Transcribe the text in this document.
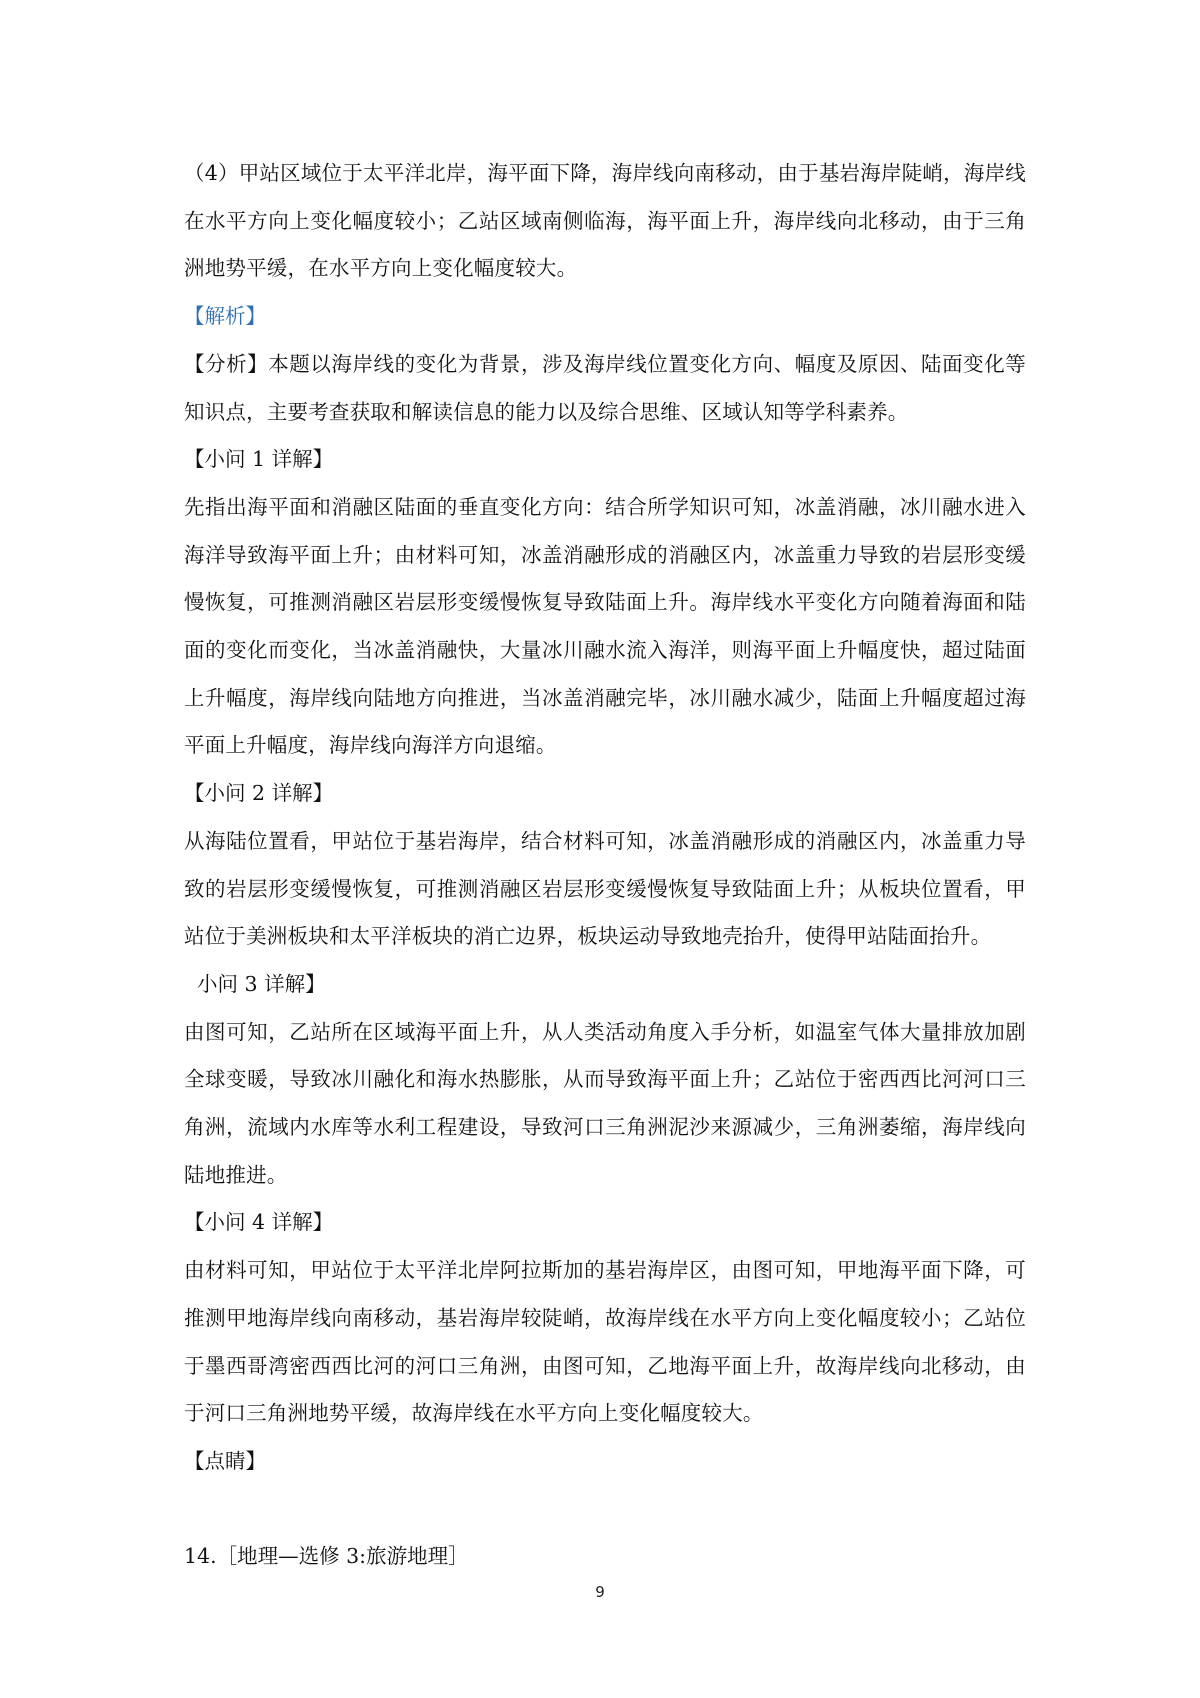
（4）甲站区域位于太平洋北岸，海平面下降，海岸线向南移动，由于基岩海岸陡峭，海岸线在水平方向上变化幅度较小；乙站区域南侧临海，海平面上升，海岸线向北移动，由于三角洲地势平缓，在水平方向上变化幅度较大。

【解析】

【分析】本题以海岸线的变化为背景，涉及海岸线位置变化方向、幅度及原因、陆面变化等知识点，主要考查获取和解读信息的能力以及综合思维、区域认知等学科素养。

【小问 1 详解】

先指出海平面和消融区陆面的垂直变化方向：结合所学知识可知，冰盖消融，冰川融水进入海洋导致海平面上升；由材料可知，冰盖消融形成的消融区内，冰盖重力导致的岩层形变缓慢恢复，可推测消融区岩层形变缓慢恢复导致陆面上升。海岸线水平变化方向随着海面和陆面的变化而变化，当冰盖消融快，大量冰川融水流入海洋，则海平面上升幅度快，超过陆面上升幅度，海岸线向陆地方向推进，当冰盖消融完毕，冰川融水减少，陆面上升幅度超过海平面上升幅度，海岸线向海洋方向退缩。

【小问 2 详解】

从海陆位置看，甲站位于基岩海岸，结合材料可知，冰盖消融形成的消融区内，冰盖重力导致的岩层形变缓慢恢复，可推测消融区岩层形变缓慢恢复导致陆面上升；从板块位置看，甲站位于美洲板块和太平洋板块的消亡边界，板块运动导致地壳抬升，使得甲站陆面抬升。

小问 3 详解】

由图可知，乙站所在区域海平面上升，从人类活动角度入手分析，如温室气体大量排放加剧全球变暖，导致冰川融化和海水热膨胀，从而导致海平面上升；乙站位于密西西比河河口三角洲，流域内水库等水利工程建设，导致河口三角洲泥沙来源减少，三角洲萎缩，海岸线向陆地推进。

【小问 4 详解】

由材料可知，甲站位于太平洋北岸阿拉斯加的基岩海岸区，由图可知，甲地海平面下降，可推测甲地海岸线向南移动，基岩海岸较陡峭，故海岸线在水平方向上变化幅度较小；乙站位于墨西哥湾密西西比河的河口三角洲，由图可知，乙地海平面上升，故海岸线向北移动，由于河口三角洲地势平缓，故海岸线在水平方向上变化幅度较大。

【点睛】

14.［地理—选修 3:旅游地理］

9
